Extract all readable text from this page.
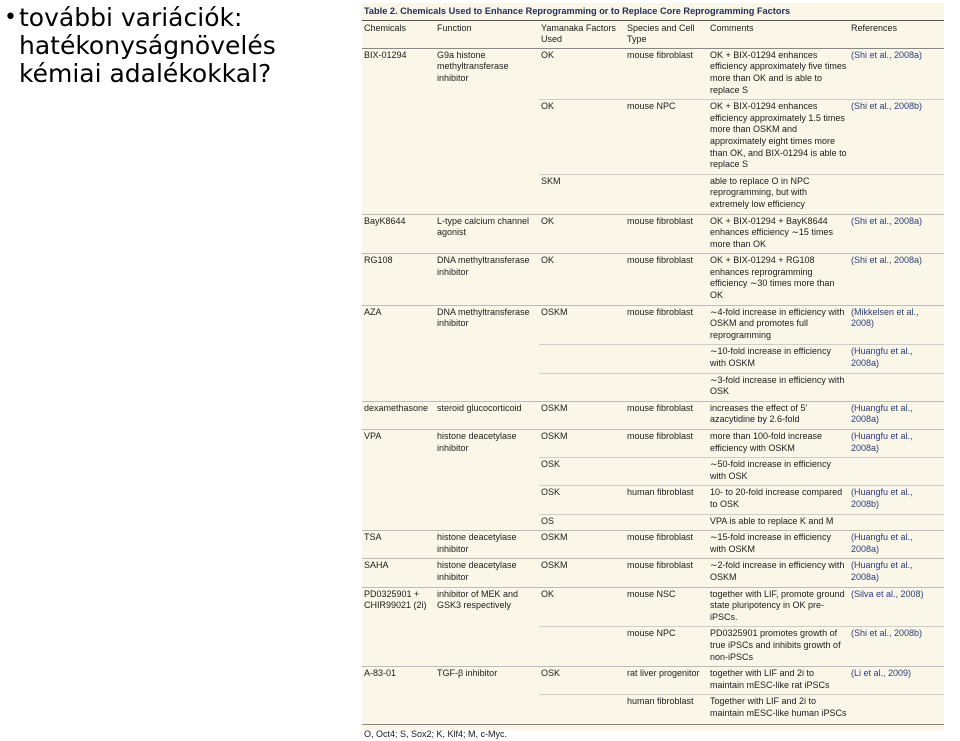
• további variációk:
hatékonyságnövelés
kémiai adalékokkal?
Table 2. Chemicals Used to Enhance Reprogramming or to Replace Core Reprogramming Factors
Chemicals	Function	Yamanaka Factors Used	Species and Cell Type	Comments	References
BIX-01294	G9a histone methyltransferase inhibitor	OK	mouse fibroblast	OK + BIX-01294 enhances efficiency approximately five times more than OK and is able to replace S	(Shi et al., 2008a)
		OK	mouse NPC	OK + BIX-01294 enhances efficiency approximately 1.5 times more than OSKM and approximately eight times more than OK, and BIX-01294 is able to replace S	(Shi et al., 2008b)
		SKM		able to replace O in NPC reprogramming, but with extremely low efficiency	
BayK8644	L-type calcium channel agonist	OK	mouse fibroblast	OK + BIX-01294 + BayK8644 enhances efficiency ∼15 times more than OK	(Shi et al., 2008a)
RG108	DNA methyltransferase inhibitor	OK	mouse fibroblast	OK + BIX-01294 + RG108 enhances reprogramming efficiency ∼30 times more than OK	(Shi et al., 2008a)
AZA	DNA methyltransferase inhibitor	OSKM	mouse fibroblast	∼4-fold increase in efficiency with OSKM and promotes full reprogramming	(Mikkelsen et al., 2008)
				∼10-fold increase in efficiency with OSKM	(Huangfu et al., 2008a)
				∼3-fold increase in efficiency with OSK	
dexamethasone	steroid glucocorticoid	OSKM	mouse fibroblast	increases the effect of 5′ azacytidine by 2.6-fold	(Huangfu et al., 2008a)
VPA	histone deacetylase inhibitor	OSKM	mouse fibroblast	more than 100-fold increase efficiency with OSKM	(Huangfu et al., 2008a)
		OSK		∼50-fold increase in efficiency with OSK	
		OSK	human fibroblast	10- to 20-fold increase compared to OSK	(Huangfu et al., 2008b)
		OS		VPA is able to replace K and M	
TSA	histone deacetylase inhibitor	OSKM	mouse fibroblast	∼15-fold increase in efficiency with OSKM	(Huangfu et al., 2008a)
SAHA	histone deacetylase inhibitor	OSKM	mouse fibroblast	∼2-fold increase in efficiency with OSKM	(Huangfu et al., 2008a)
PD0325901 + CHIR99021 (2i)	inhibitor of MEK and GSK3 respectively	OK	mouse NSC	together with LIF, promote ground state pluripotency in OK pre-iPSCs.	(Silva et al., 2008)
			mouse NPC	PD0325901 promotes growth of true iPSCs and inhibits growth of non-iPSCs	(Shi et al., 2008b)
A-83-01	TGF-β inhibitor	OSK	rat liver progenitor	together with LIF and 2i to maintain mESC-like rat iPSCs	(Li et al., 2009)
			human fibroblast	Together with LIF and 2i to maintain mESC-like human iPSCs	
O, Oct4; S, Sox2; K, Klf4; M, c-Myc.
